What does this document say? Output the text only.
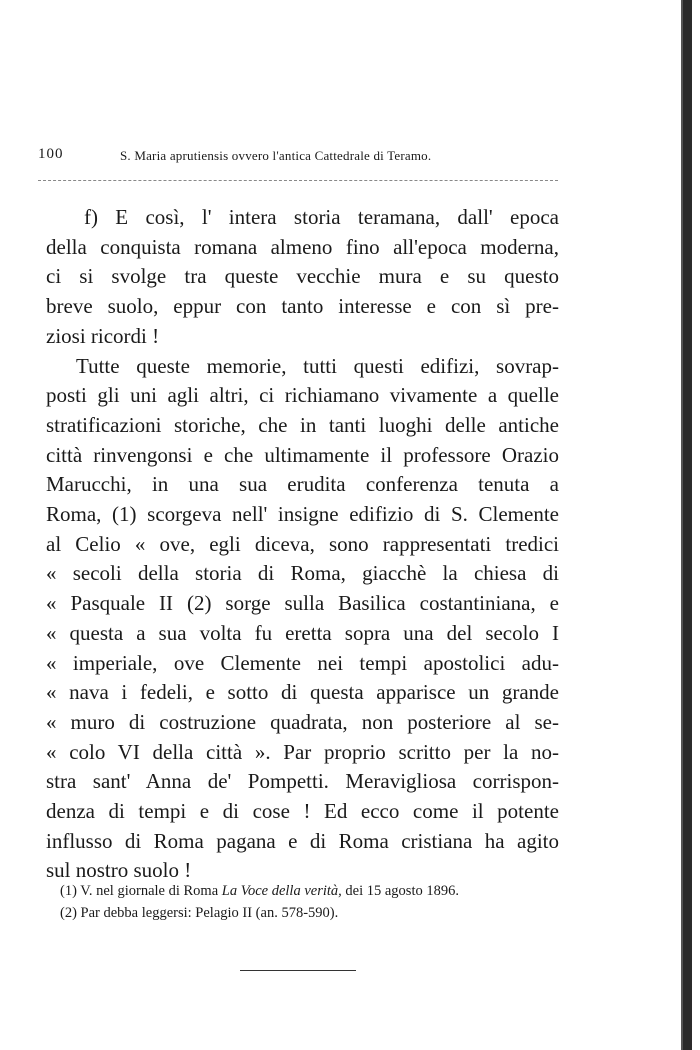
100	S. Maria aprutiensis ovvero l'antica Cattedrale di Teramo.
f) E così, l' intera storia teramana, dall' epoca
della conquista romana almeno fino all'epoca moderna,
ci si svolge tra queste vecchie mura e su questo
breve suolo, eppur con tanto interesse e con sì pre-
ziosi ricordi !
Tutte queste memorie, tutti questi edifizi, sovrap-
posti gli uni agli altri, ci richiamano vivamente a quelle
stratificazioni storiche, che in tanti luoghi delle antiche
città rinvengonsi e che ultimamente il professore Orazio
Marucchi, in una sua erudita conferenza tenuta a
Roma, (1) scorgeva nell' insigne edifizio di S. Clemente
al Celio « ove, egli diceva, sono rappresentati tredici
« secoli della storia di Roma, giacchè la chiesa di
« Pasquale II (2) sorge sulla Basilica costantiniana, e
« questa a sua volta fu eretta sopra una del secolo I
« imperiale, ove Clemente nei tempi apostolici adu-
« nava i fedeli, e sotto di questa apparisce un grande
« muro di costruzione quadrata, non posteriore al se-
« colo VI della città ». Par proprio scritto per la no-
stra sant' Anna de' Pompetti. Meravigliosa corrispon-
denza di tempi e di cose ! Ed ecco come il potente
influsso di Roma pagana e di Roma cristiana ha agito
sul nostro suolo !
(1) V. nel giornale di Roma La Voce della verità, dei 15 agosto 1896.
(2) Par debba leggersi: Pelagio II (an. 578-590).
